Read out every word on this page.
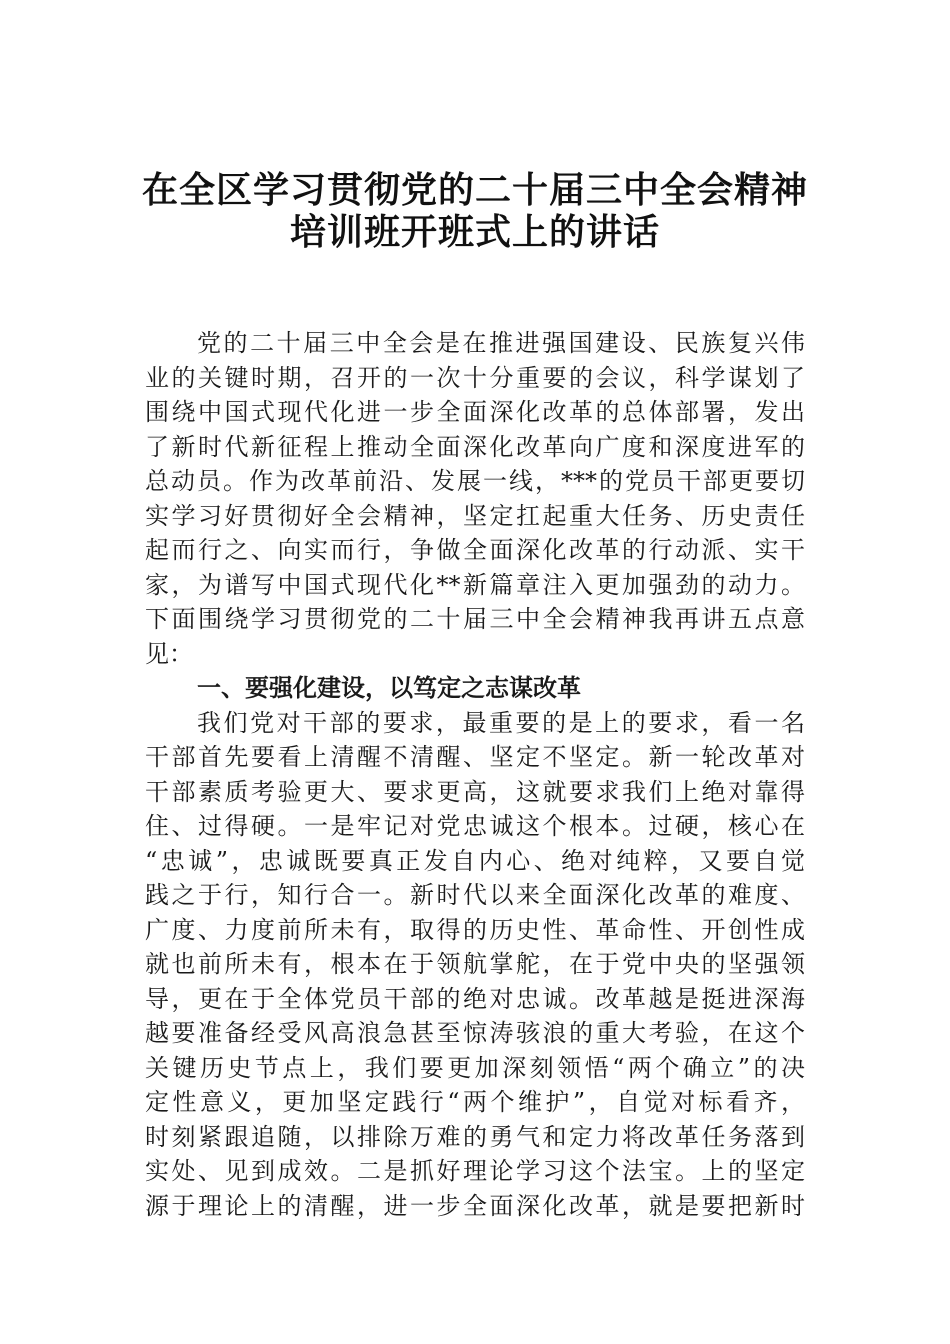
在全区学习贯彻党的二十届三中全会精神
培训班开班式上的讲话
党的二十届三中全会是在推进强国建设、民族复兴伟
业的关键时期，召开的一次十分重要的会议，科学谋划了
围绕中国式现代化进一步全面深化改革的总体部署，发出
了新时代新征程上推动全面深化改革向广度和深度进军的
总动员。作为改革前沿、发展一线，***的党员干部更要切
实学习好贯彻好全会精神，坚定扛起重大任务、历史责任
起而行之、向实而行，争做全面深化改革的行动派、实干
家，为谱写中国式现代化**新篇章注入更加强劲的动力。
下面围绕学习贯彻党的二十届三中全会精神我再讲五点意
见：
一、要强化建设，以笃定之志谋改革
我们党对干部的要求，最重要的是上的要求，看一名
干部首先要看上清醒不清醒、坚定不坚定。新一轮改革对
干部素质考验更大、要求更高，这就要求我们上绝对靠得
住、过得硬。一是牢记对党忠诚这个根本。过硬，核心在
“忠诚”，忠诚既要真正发自内心、绝对纯粹，又要自觉
践之于行，知行合一。新时代以来全面深化改革的难度、
广度、力度前所未有，取得的历史性、革命性、开创性成
就也前所未有，根本在于领航掌舵，在于党中央的坚强领
导，更在于全体党员干部的绝对忠诚。改革越是挺进深海
越要准备经受风高浪急甚至惊涛骇浪的重大考验，在这个
关键历史节点上，我们要更加深刻领悟“两个确立”的决
定性意义，更加坚定践行“两个维护”，自觉对标看齐，
时刻紧跟追随，以排除万难的勇气和定力将改革任务落到
实处、见到成效。二是抓好理论学习这个法宝。上的坚定
源于理论上的清醒，进一步全面深化改革，就是要把新时
